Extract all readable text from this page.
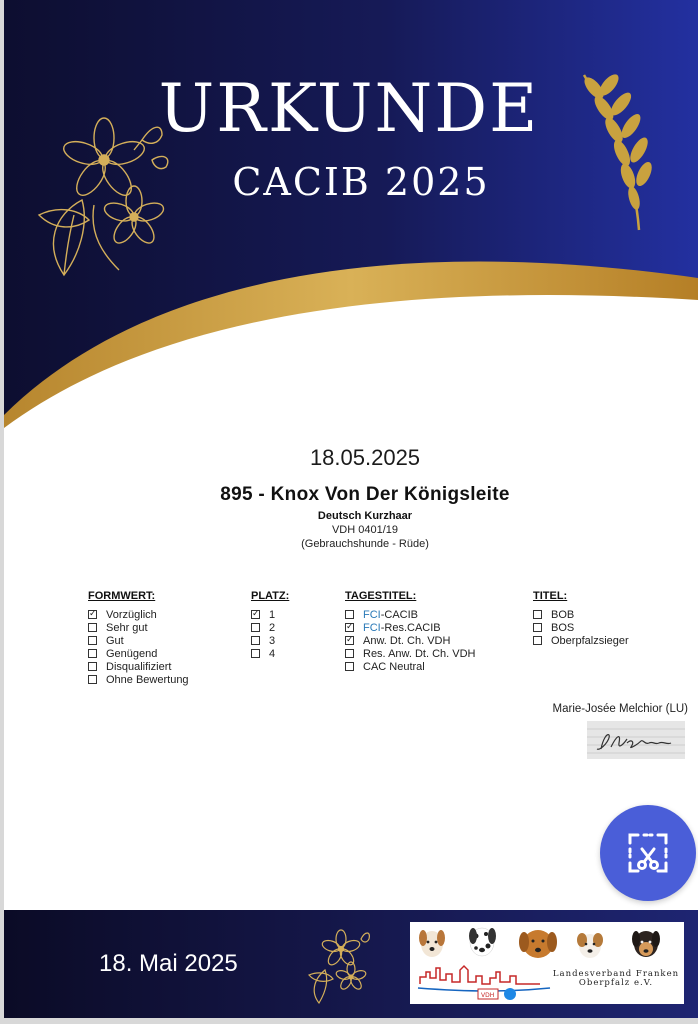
URKUNDE
CACIB 2025
18.05.2025
895 - Knox Von Der Königsleite
Deutsch Kurzhaar
VDH 0401/19
(Gebrauchshunde - Rüde)
FORMWERT:
✓
Vorzüglich
Sehr gut
Gut
Genügend
Disqualifiziert
Ohne Bewertung
PLATZ:
✓
1
2
3
4
TAGESTITEL:
FCI -CACIB
✓
FCI -Res.CACIB
✓
Anw. Dt. Ch. VDH
Res. Anw. Dt. Ch. VDH
CAC Neutral
TITEL:
BOB
BOS
Oberpfalzsieger
Marie-Josée Melchior (LU)
18. Mai 2025
VDH
Landesverband Franken
Oberpfalz e.V.
